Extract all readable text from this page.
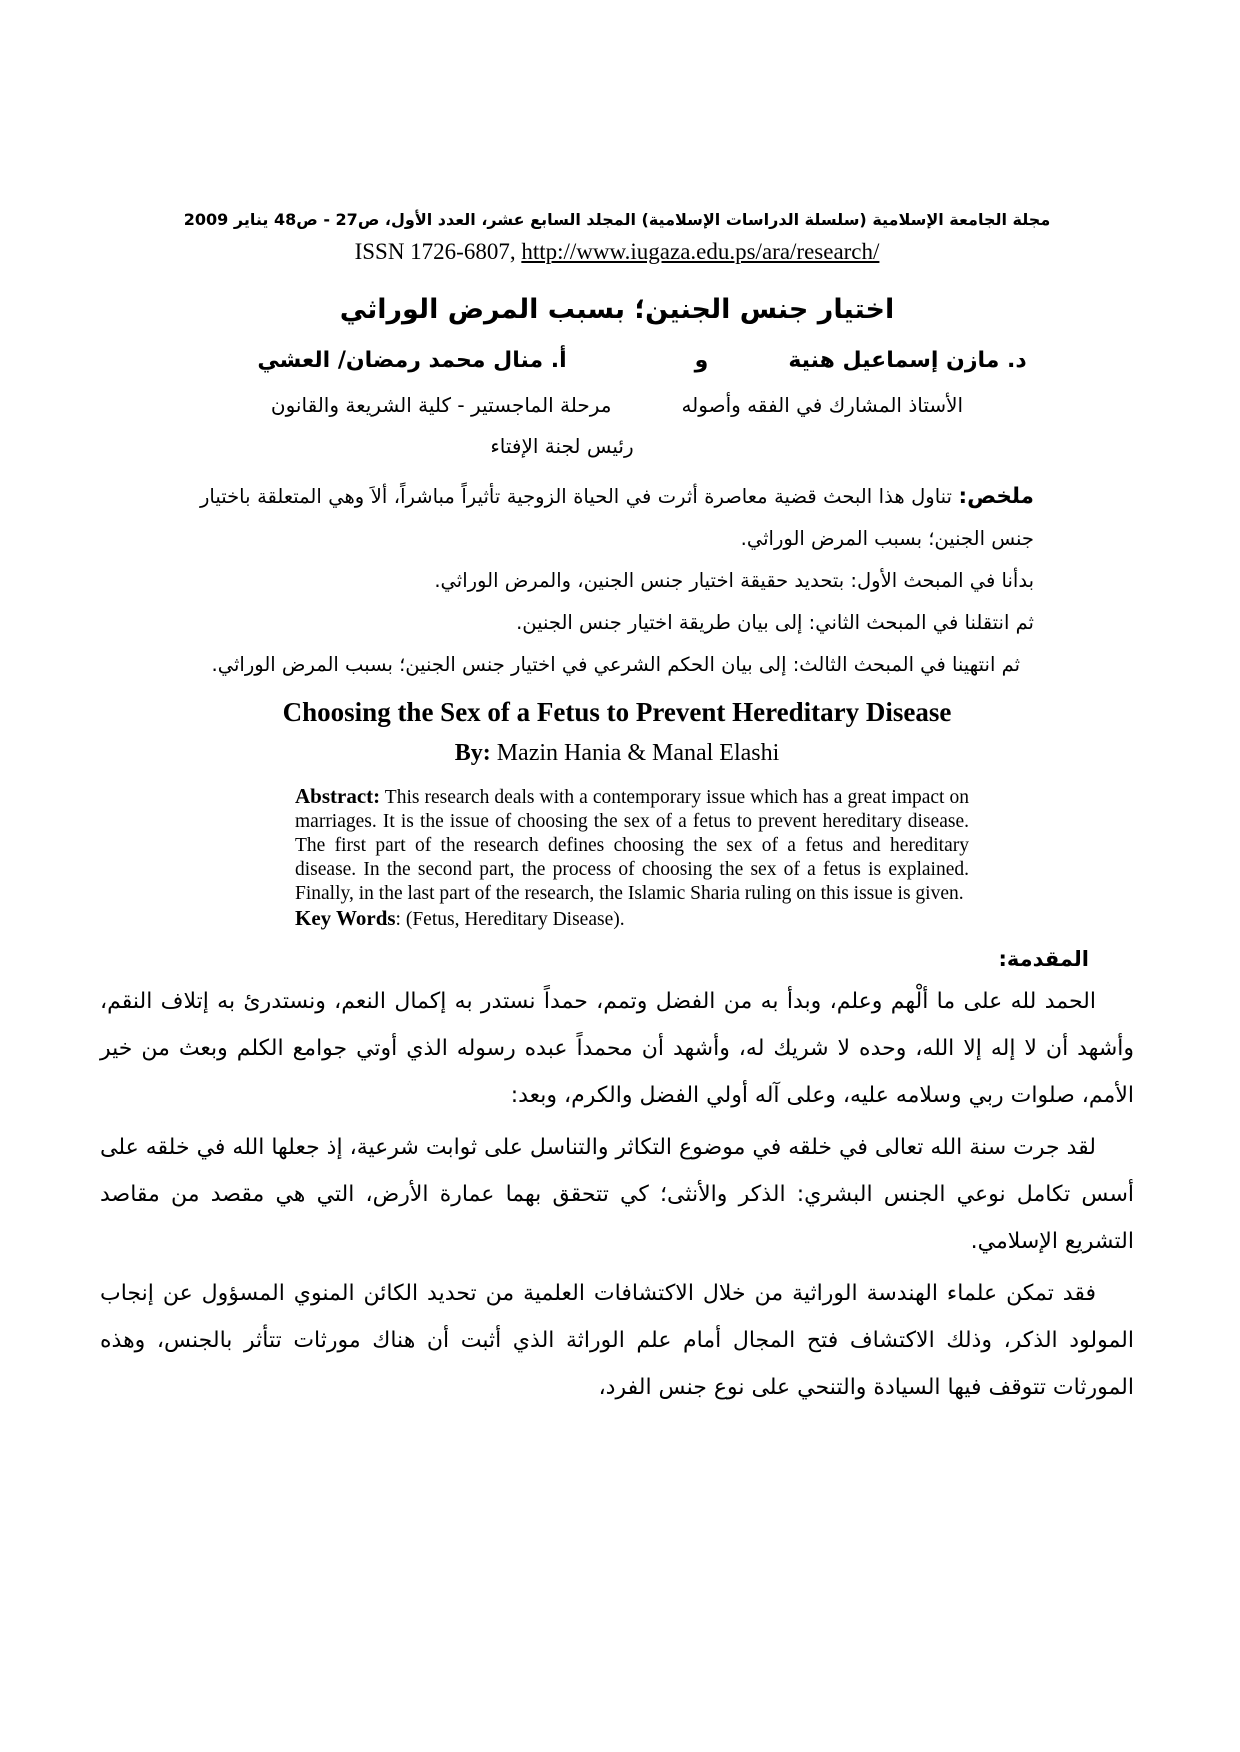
مجلة الجامعة الإسلامية (سلسلة الدراسات الإسلامية) المجلد السابع عشر، العدد الأول، ص27 - ص48 يناير 2009
ISSN 1726-6807, http://www.iugaza.edu.ps/ara/research/
اختيار جنس الجنين؛ بسبب المرض الوراثي
د. مازن إسماعيل هنية
و
أ. منال محمد رمضان/ العشي
الأستاذ المشارك في الفقه وأصوله
مرحلة الماجستير - كلية الشريعة والقانون
رئيس لجنة الإفتاء

ملخص: تناول هذا البحث قضية معاصرة أثرت في الحياة الزوجية تأثيراً مباشراً، ألاَ وهي المتعلقة باختيار جنس الجنين؛ بسبب المرض الوراثي.

بدأنا في المبحث الأول: بتحديد حقيقة اختيار جنس الجنين، والمرض الوراثي.

ثم انتقلنا في المبحث الثاني: إلى بيان طريقة اختيار جنس الجنين.

ثم انتهينا في المبحث الثالث: إلى بيان الحكم الشرعي في اختيار جنس الجنين؛ بسبب المرض الوراثي.

Choosing the Sex of a Fetus to Prevent Hereditary Disease
By: Mazin Hania & Manal Elashi

Abstract: This research deals with a contemporary issue which has a great impact on marriages. It is the issue of choosing the sex of a fetus to prevent hereditary disease. The first part of the research defines choosing the sex of a fetus and hereditary disease. In the second part, the process of choosing the sex of a fetus is explained. Finally, in the last part of the research, the Islamic Sharia ruling on this issue is given.

Key Words: (Fetus, Hereditary Disease).

المقدمة:

الحمد لله على ما ألْهم وعلم، وبدأ به من الفضل وتمم، حمداً نستدر به إكمال النعم، ونستدرئ به إتلاف النقم، وأشهد أن لا إله إلا الله، وحده لا شريك له، وأشهد أن محمداً عبده رسوله الذي أوتي جوامع الكلم وبعث من خير الأمم، صلوات ربي وسلامه عليه، وعلى آله أولي الفضل والكرم، وبعد:

لقد جرت سنة الله تعالى في خلقه في موضوع التكاثر والتناسل على ثوابت شرعية، إذ جعلها الله في خلقه على أسس تكامل نوعي الجنس البشري: الذكر والأنثى؛ كي تتحقق بهما عمارة الأرض، التي هي مقصد من مقاصد التشريع الإسلامي.

فقد تمكن علماء الهندسة الوراثية من خلال الاكتشافات العلمية من تحديد الكائن المنوي المسؤول عن إنجاب المولود الذكر، وذلك الاكتشاف فتح المجال أمام علم الوراثة الذي أثبت أن هناك مورثات تتأثر بالجنس، وهذه المورثات تتوقف فيها السيادة والتنحي على نوع جنس الفرد،
